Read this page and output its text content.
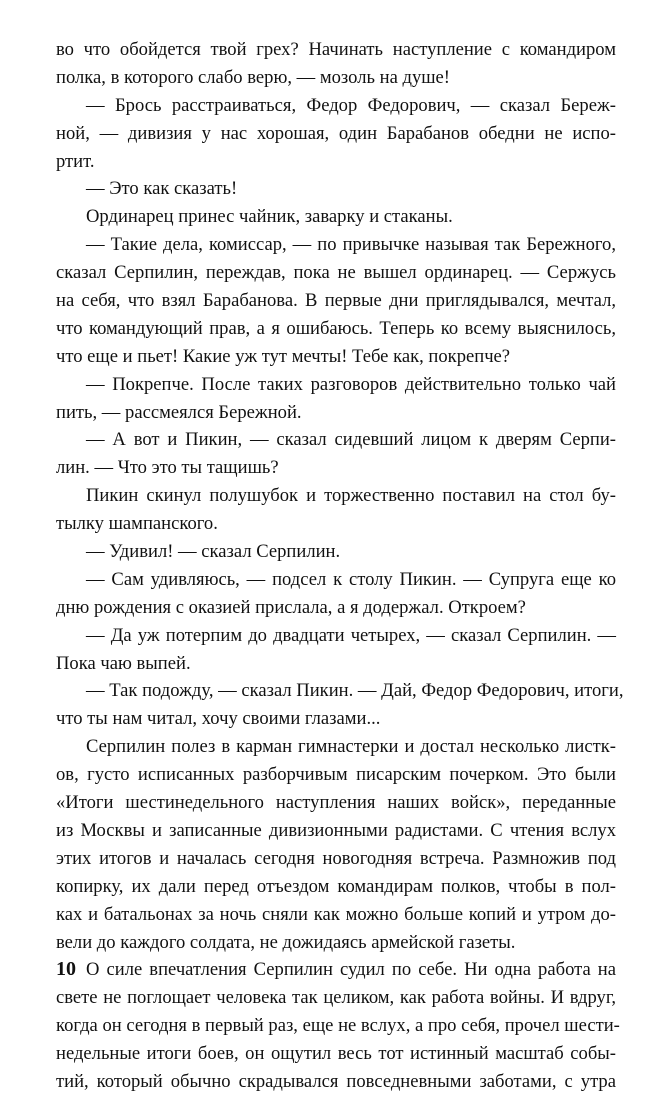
во что обойдется твой грех? Начинать наступление с командиром
полка, в которого слабо верю, — мозоль на душе!
— Брось расстраиваться, Федор Федорович, — сказал Береж-
ной, — дивизия у нас хорошая, один Барабанов обедни не испо-
ртит.
— Это как сказать!
Ординарец принес чайник, заварку и стаканы.
— Такие дела, комиссар, — по привычке называя так Бережного,
сказал Серпилин, переждав, пока не вышел ординарец. — Сержусь
на себя, что взял Барабанова. В первые дни приглядывался, мечтал,
что командующий прав, а я ошибаюсь. Теперь ко всему выяснилось,
что еще и пьет! Какие уж тут мечты! Тебе как, покрепче?
— Покрепче. После таких разговоров действительно только чай
пить, — рассмеялся Бережной.
— А вот и Пикин, — сказал сидевший лицом к дверям Серпи-
лин. — Что это ты тащишь?
Пикин скинул полушубок и торжественно поставил на стол бу-
тылку шампанского.
— Удивил! — сказал Серпилин.
— Сам удивляюсь, — подсел к столу Пикин. — Супруга еще ко
дню рождения с оказией прислала, а я додержал. Откроем?
— Да уж потерпим до двадцати четырех, — сказал Серпилин. —
Пока чаю выпей.
— Так подожду, — сказал Пикин. — Дай, Федор Федорович, итоги,
что ты нам читал, хочу своими глазами...
Серпилин полез в карман гимнастерки и достал несколько листк-
ов, густо исписанных разборчивым писарским почерком. Это были
«Итоги шестинедельного наступления наших войск», переданные
из Москвы и записанные дивизионными радистами. С чтения вслух
этих итогов и началась сегодня новогодняя встреча. Размножив под
копирку, их дали перед отъездом командирам полков, чтобы в пол-
ках и батальонах за ночь сняли как можно больше копий и утром до-
вели до каждого солдата, не дожидаясь армейской газеты.
О силе впечатления Серпилин судил по себе. Ни одна работа на
свете не поглощает человека так целиком, как работа войны. И вдруг,
когда он сегодня в первый раз, еще не вслух, а про себя, прочел шести-
недельные итоги боев, он ощутил весь тот истинный масштаб собы-
тий, который обычно скрадывался повседневными заботами, с утра
10
